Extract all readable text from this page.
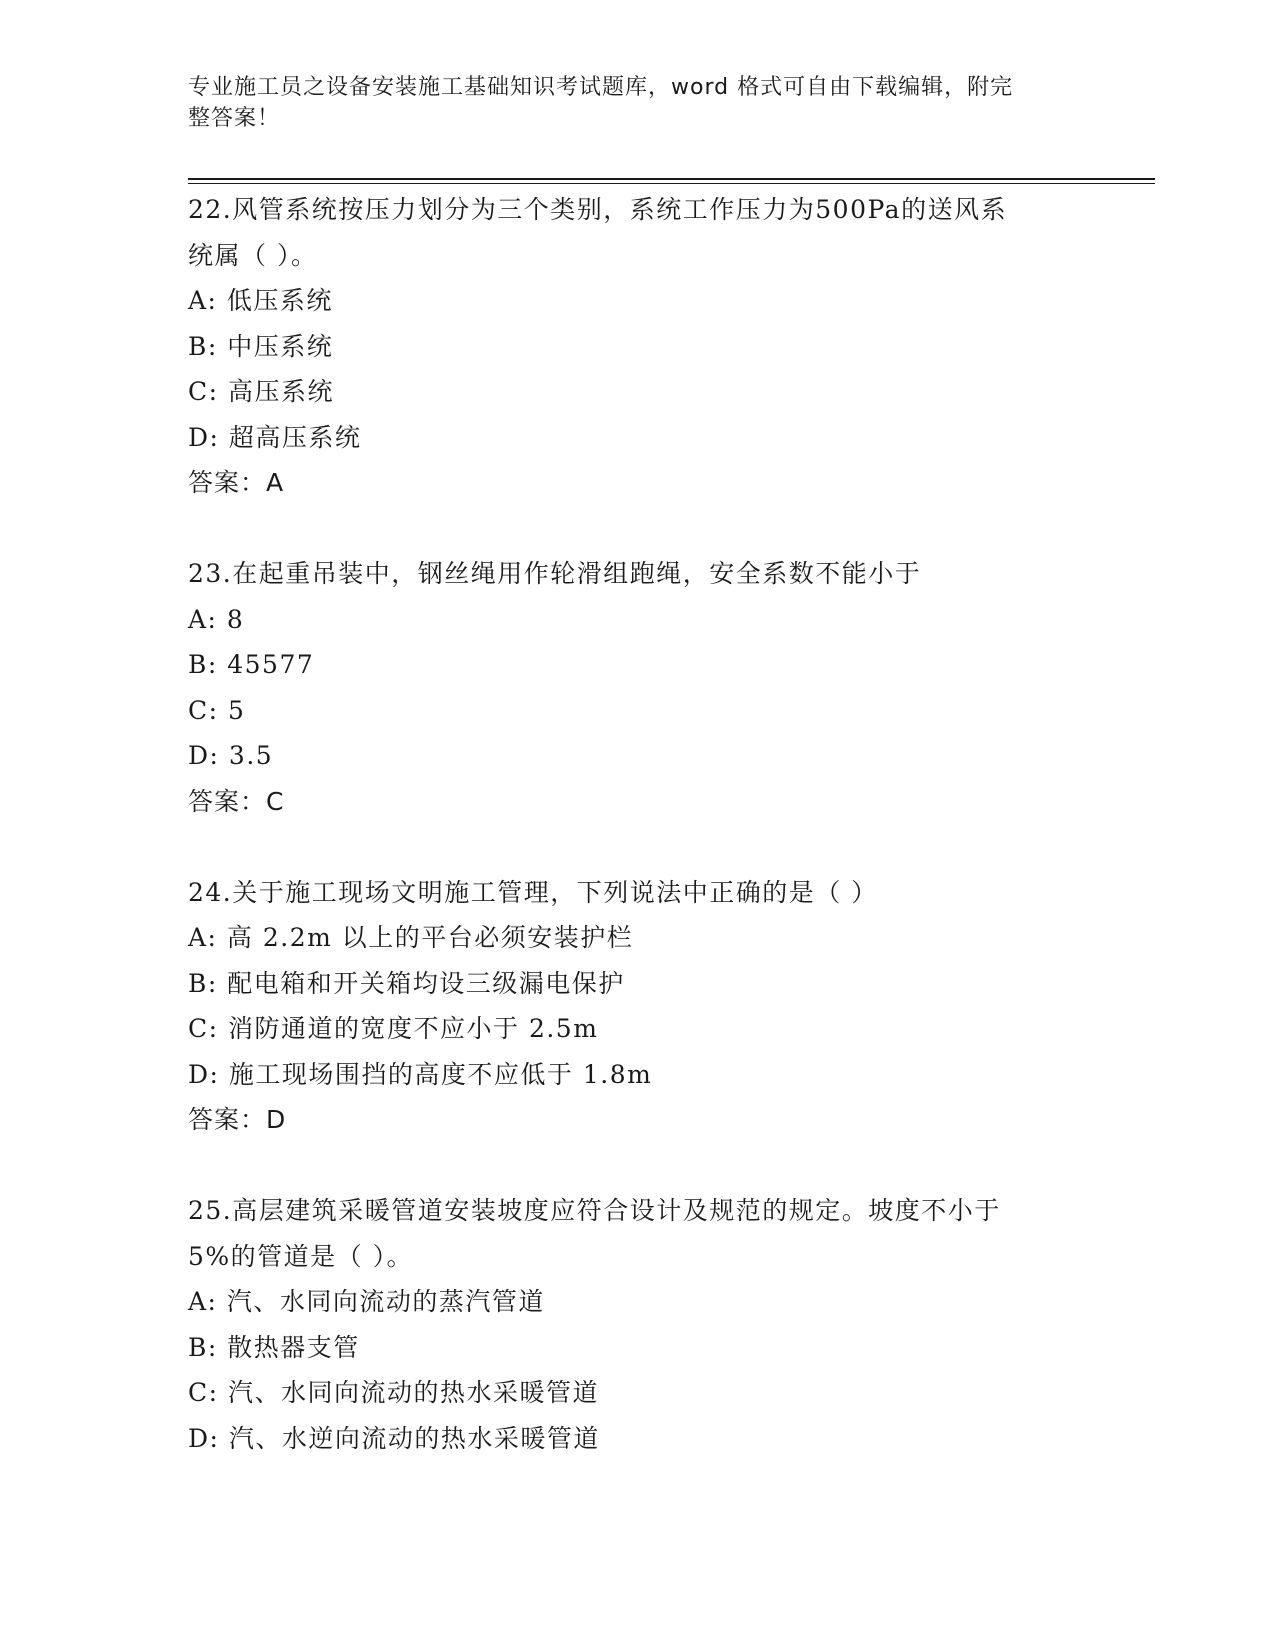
专业施工员之设备安装施工基础知识考试题库，word 格式可自由下载编辑，附完
整答案！

22.风管系统按压力划分为三个类别，系统工作压力为500Pa的送风系

统属（ ）。

A: 低压系统

B: 中压系统

C: 高压系统

D: 超高压系统

答案：A

23.在起重吊装中，钢丝绳用作轮滑组跑绳，安全系数不能小于

A: 8

B: 45577

C: 5

D: 3.5

答案：C

24.关于施工现场文明施工管理，下列说法中正确的是（ ）

A: 高 2.2m 以上的平台必须安装护栏

B: 配电箱和开关箱均设三级漏电保护

C: 消防通道的宽度不应小于 2.5m

D: 施工现场围挡的高度不应低于 1.8m

答案：D

25.高层建筑采暖管道安装坡度应符合设计及规范的规定。坡度不小于

5%的管道是（ ）。

A: 汽、水同向流动的蒸汽管道

B: 散热器支管

C: 汽、水同向流动的热水采暖管道

D: 汽、水逆向流动的热水采暖管道
